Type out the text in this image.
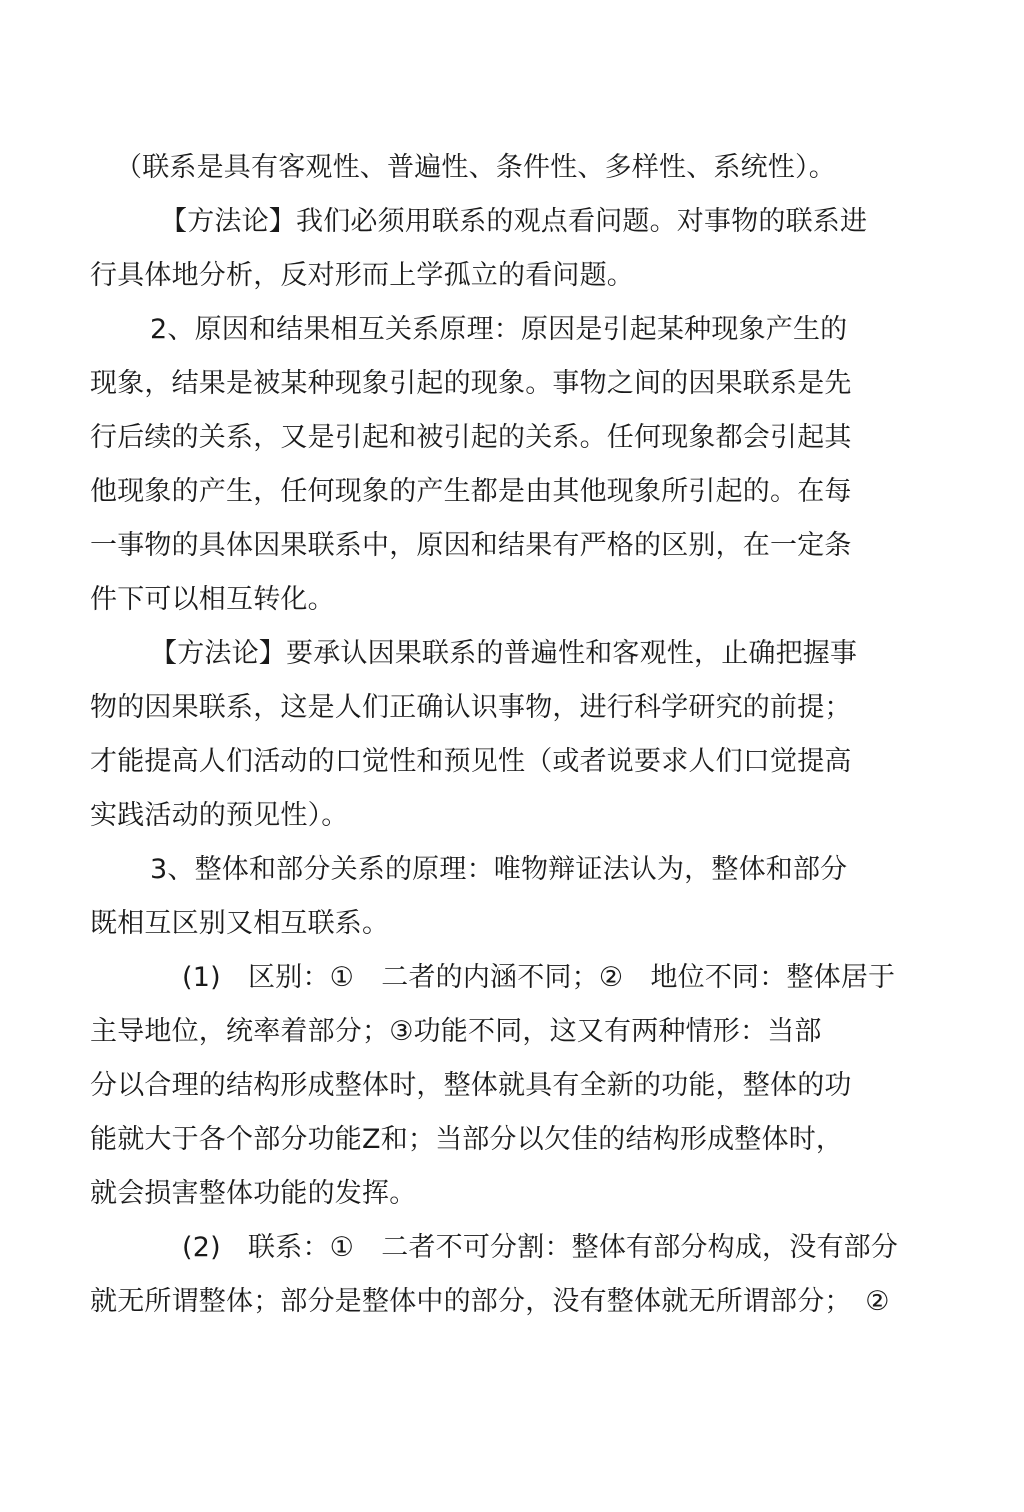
（联系是具有客观性、普遍性、条件性、多样性、系统性）。
【方法论】我们必须用联系的观点看问题。对事物的联系进
行具体地分析，反对形而上学孤立的看问题。
2、原因和结果相互关系原理：原因是引起某种现象产生的
现象，结果是被某种现象引起的现象。事物之间的因果联系是先
行后续的关系，又是引起和被引起的关系。任何现象都会引起其
他现象的产生，任何现象的产生都是由其他现象所引起的。在每
一事物的具体因果联系中，原因和结果有严格的区别，在一定条
件下可以相互转化。
【方法论】要承认因果联系的普遍性和客观性，止确把握事
物的因果联系，这是人们正确认识事物，进行科学研究的前提；
才能提高人们活动的口觉性和预见性（或者说要求人们口觉提高
实践活动的预见性）。
3、整体和部分关系的原理：唯物辩证法认为，整体和部分
既相互区别又相互联系。
(1)　区别：①　二者的内涵不同；②　地位不同：整体居于
主导地位，统率着部分；③功能不同，这又有两种情形：当部
分以合理的结构形成整体时，整体就具有全新的功能，整体的功
能就大于各个部分功能Z和；当部分以欠佳的结构形成整体时，
就会损害整体功能的发挥。
(2)　联系：①　二者不可分割：整体有部分构成，没有部分
就无所谓整体；部分是整体中的部分，没有整体就无所谓部分；　②
